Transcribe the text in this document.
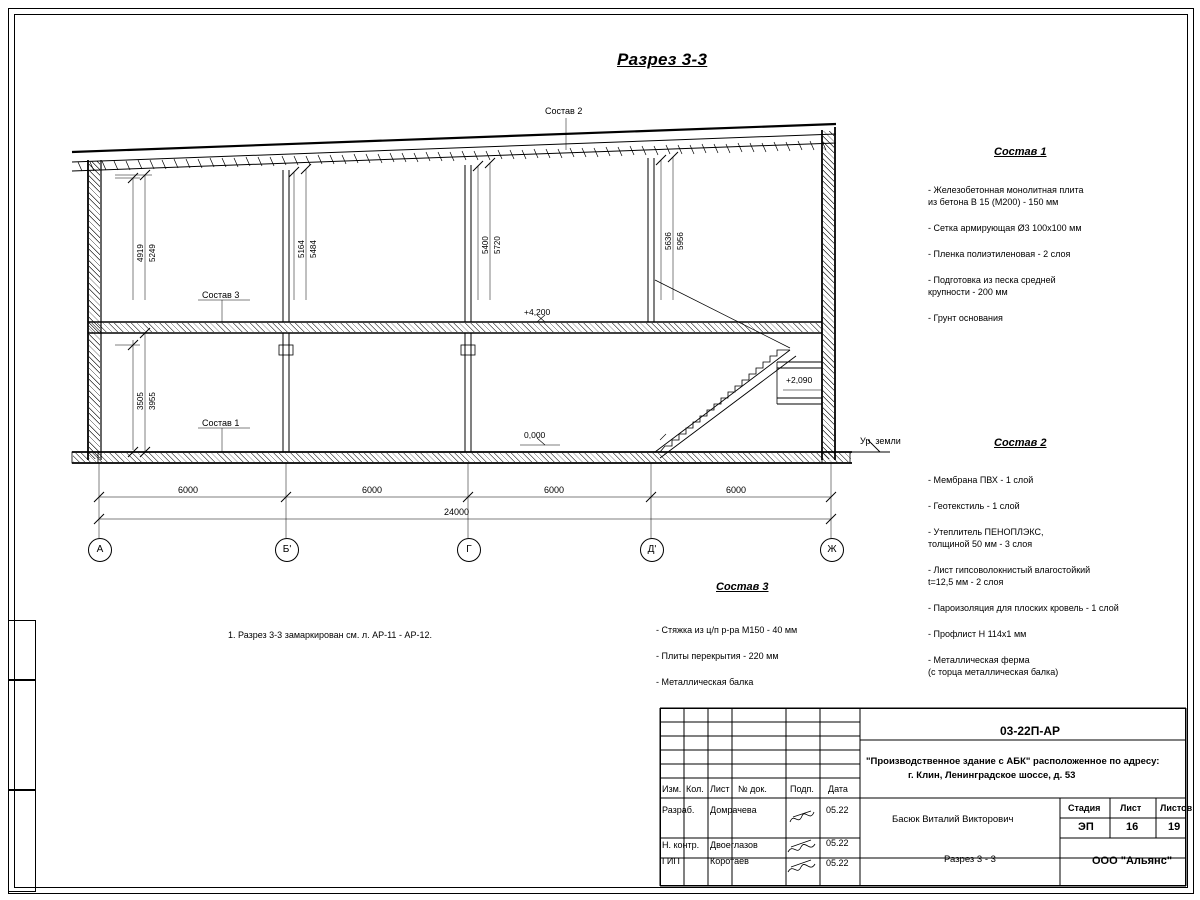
Разрез 3-3
4919 5249	5164 5484	5400 5720	5636 5956
3505 3955
6000	6000	6000	6000
24000
А	Б'	Г	Д'	Ж
+4,200
+2,090
0,000
Ур. земли
Состав 2
Состав 3
Состав 1
1. Разрез 3-3 замаркирован см. л. АР-11 - АР-12.
Состав 1
- Железобетонная монолитная плита
из бетона В 15 (М200) - 150 мм
- Сетка армирующая Ø3 100х100 мм
- Пленка полиэтиленовая - 2 слоя
- Подготовка из песка средней
крупности - 200 мм
- Грунт основания
Состав 2
- Мембрана ПВХ - 1 слой
- Геотекстиль - 1 слой
- Утеплитель ПЕНОПЛЭКС,
толщиной 50 мм - 3 слоя
- Лист гипсоволокнистый влагостойкий
t=12,5 мм - 2 слоя
- Пароизоляция для плоских кровель - 1 слой
- Профлист Н 114х1 мм
- Металлическая ферма
(с торца металлическая балка)
Состав 3
- Стяжка из ц/п р-ра М150 - 40 мм
- Плиты перекрытия - 220 мм
- Металлическая балка
03-22П-АР
"Производственное здание с АБК" расположенное по адресу:
г. Клин, Ленинградское шоссе, д. 53
Изм. Кол. Лист № док.	Подп. Дата
Разраб. Домрачева	05.22
Н. контр. Двоеглазов	05.22
ГИП	Коротаев	05.22
Басюк Виталий Викторович
Разрез 3 - 3	ООО "Альянс"
Стадия Лист Листов
ЭП	16	19
